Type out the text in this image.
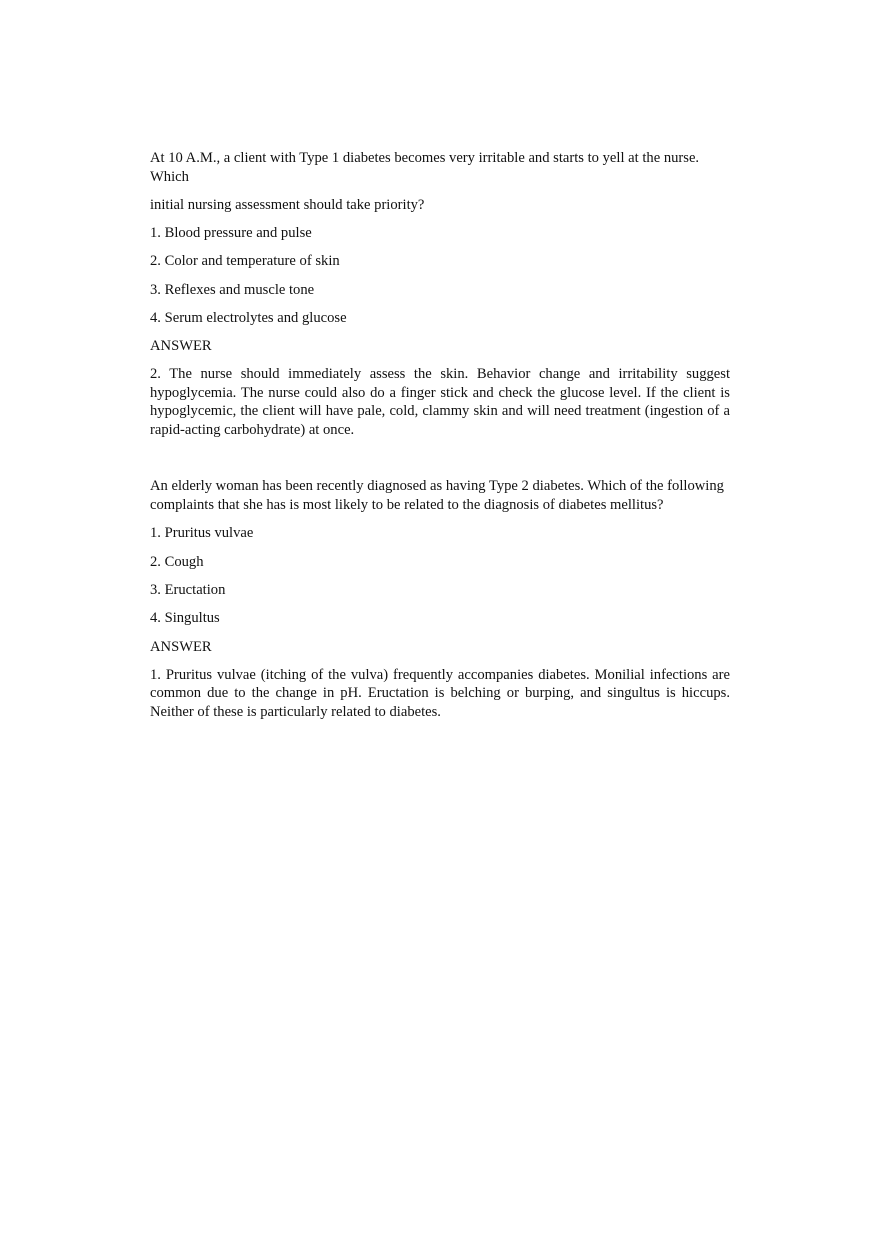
At 10 A.M., a client with Type 1 diabetes becomes very irritable and starts to yell at the nurse. Which

initial nursing assessment should take priority?

1. Blood pressure and pulse

2. Color and temperature of skin

3. Reflexes and muscle tone

4. Serum electrolytes and glucose

ANSWER

2. The nurse should immediately assess the skin. Behavior change and irritability suggest hypoglycemia. The nurse could also do a finger stick and check the glucose level. If the client is hypoglycemic, the client will have pale, cold, clammy skin and will need treatment (ingestion of a rapid-acting carbohydrate) at once.

An elderly woman has been recently diagnosed as having Type 2 diabetes. Which of the following complaints that she has is most likely to be related to the diagnosis of diabetes mellitus?

1. Pruritus vulvae

2. Cough

3. Eructation

4. Singultus

ANSWER

1. Pruritus vulvae (itching of the vulva) frequently accompanies diabetes. Monilial infections are common due to the change in pH. Eructation is belching or burping, and singultus is hiccups. Neither of these is particularly related to diabetes.
